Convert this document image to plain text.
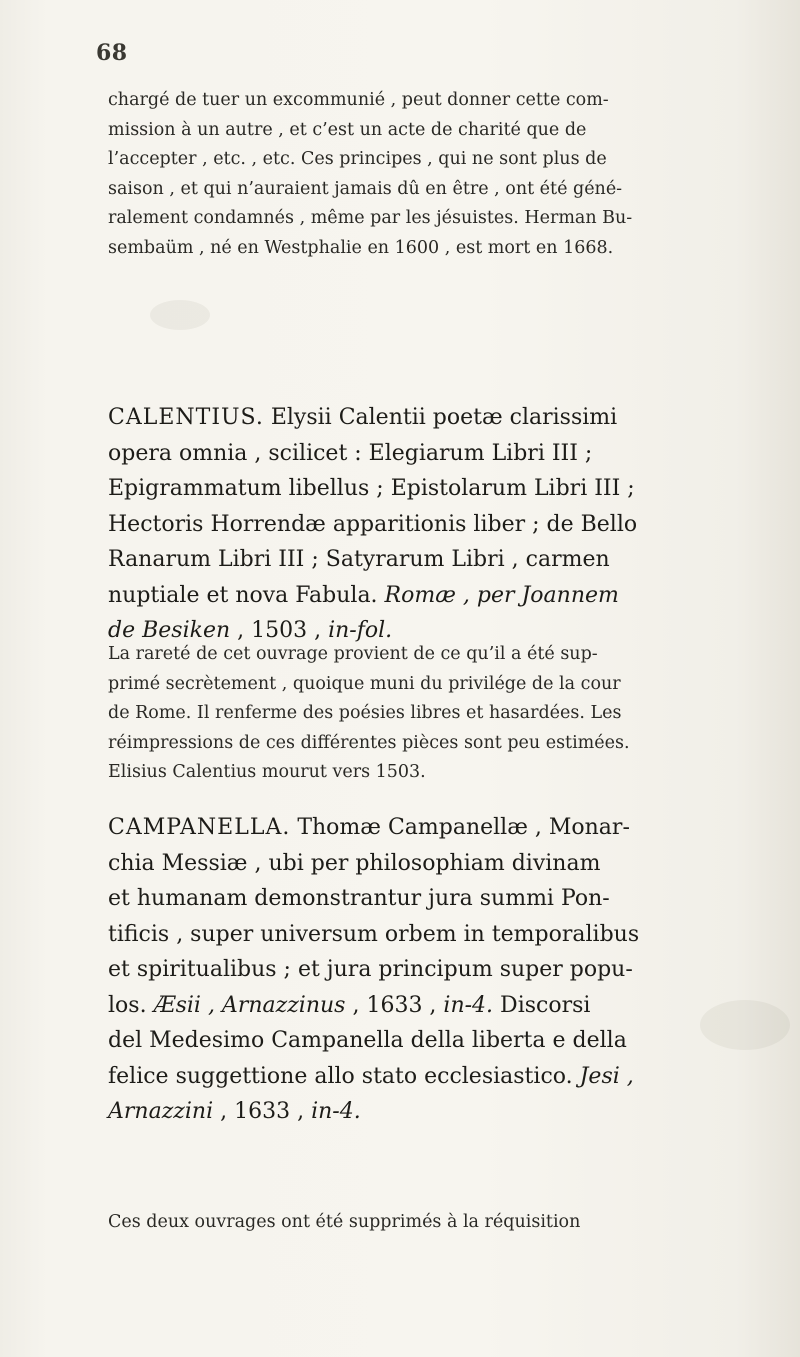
68
chargé de tuer un excommunié , peut donner cette com-
mission à un autre , et c’est un acte de charité que de
l’accepter , etc. , etc. Ces principes , qui ne sont plus de
saison , et qui n’auraient jamais dû en être , ont été géné-
ralement condamnés , même par les jésuistes. Herman Bu-
sembaüm , né en Westphalie en 1600 , est mort en 1668.
CALENTIUS. Elysii Calentii poetæ clarissimi
opera omnia , scilicet : Elegiarum Libri III ;
Epigrammatum libellus ; Epistolarum Libri III ;
Hectoris Horrendæ apparitionis liber ; de Bello
Ranarum Libri III ; Satyrarum Libri , carmen
nuptiale et nova Fabula. Romæ , per Joannem
de Besiken , 1503 , in-fol.
La rareté de cet ouvrage provient de ce qu’il a été sup-
primé secrètement , quoique muni du privilége de la cour
de Rome. Il renferme des poésies libres et hasardées. Les
réimpressions de ces différentes pièces sont peu estimées.
Elisius Calentius mourut vers 1503.
CAMPANELLA. Thomæ Campanellæ , Monar-
chia Messiæ , ubi per philosophiam divinam
et humanam demonstrantur jura summi Pon-
tificis , super universum orbem in temporalibus
et spiritualibus ; et jura principum super popu-
los. Æsii , Arnazzinus , 1633 , in-4. Discorsi
del Medesimo Campanella della liberta e della
felice suggettione allo stato ecclesiastico. Jesi ,
Arnazzini , 1633 , in-4.
Ces deux ouvrages ont été supprimés à la réquisition
